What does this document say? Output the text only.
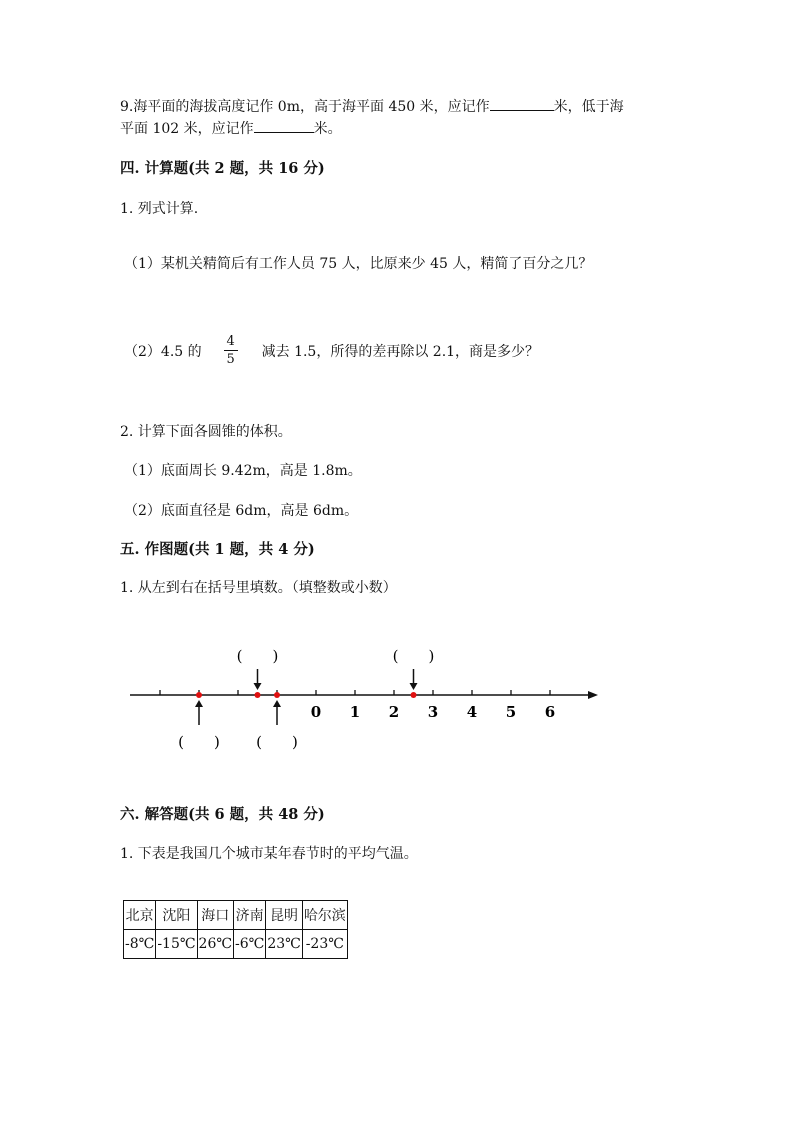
9.海平面的海拔高度记作 0m，高于海平面 450 米，应记作	米，低于海
平面 102 米，应记作	米。
四. 计算题(共 2 题，共 16 分)
1. 列式计算.
（1）某机关精简后有工作人员 75 人，比原来少 45 人，精简了百分之几？
（2）4.5 的 $\frac{4}{5}$ 减去 1.5，所得的差再除以 2.1，商是多少？
2. 计算下面各圆锥的体积。
（1）底面周长 9.42m，高是 1.8m。
（2）底面直径是 6dm，高是 6dm。
五. 作图题(共 1 题，共 4 分)
1. 从左到右在括号里填数。（填整数或小数）
0 1 2 3 4 5 6
(　　)	(　　)
(　　) (　　)
六. 解答题(共 6 题，共 48 分)
1. 下表是我国几个城市某年春节时的平均气温。
北京	沈阳	海口	济南	昆明	哈尔滨
-8℃	-15℃	26℃	-6℃	23℃	-23℃
